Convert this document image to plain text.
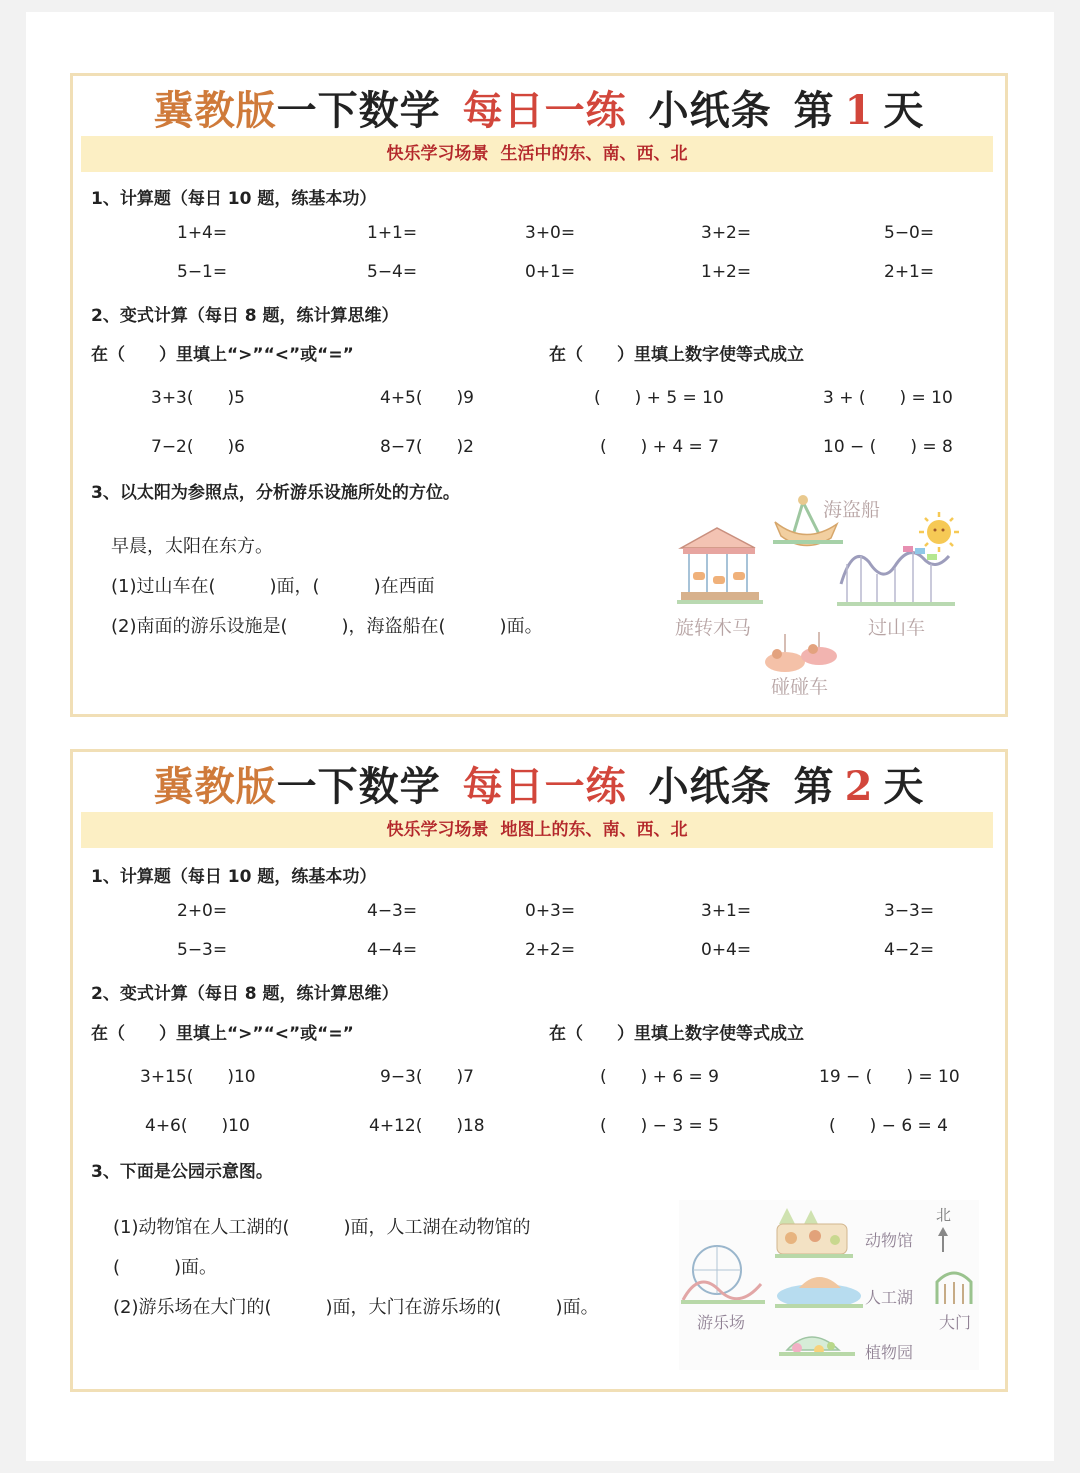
冀教版一下数学 每日一练 小纸条 第 1 天
快乐学习场景 生活中的东、南、西、北
1、计算题（每日 10 题，练基本功）
1+4=	1+1=	3+0=	3+2=	5−0=
5−1=	5−4=	0+1=	1+2=	2+1=
2、变式计算（每日 8 题，练计算思维）
在（　　）里填上“>”“<”或“=”	在（　　）里填上数字使等式成立
3+3(　　)5	4+5(　　)9	(　　) + 5 = 10	3 + (　　) = 10
7−2(　　)6	8−7(　　)2	(　　) + 4 = 7	10 − (　　) = 8
3、以太阳为参照点，分析游乐设施所处的方位。
早晨，太阳在东方。
(1)过山车在(　　　)面，(　　　)在西面
(2)南面的游乐设施是(　　　)，海盗船在(　　　)面。
海盗船
旋转木马	过山车
碰碰车
冀教版一下数学 每日一练 小纸条 第 2 天
快乐学习场景 地图上的东、南、西、北
1、计算题（每日 10 题，练基本功）
2+0=	4−3=	0+3=	3+1=	3−3=
5−3=	4−4=	2+2=	0+4=	4−2=
2、变式计算（每日 8 题，练计算思维）
在（　　）里填上“>”“<”或“=”	在（　　）里填上数字使等式成立
3+15(　　)10	9−3(　　)7	(　　) + 6 = 9	19 − (　　) = 10
4+6(　　)10	4+12(　　)18	(　　) − 3 = 5	(　　) − 6 = 4
3、下面是公园示意图。
(1)动物馆在人工湖的(　　　)面，人工湖在动物馆的
(　　　)面。
(2)游乐场在大门的(　　　)面，大门在游乐场的(　　　)面。
北
动物馆
人工湖
游乐场	大门
植物园
